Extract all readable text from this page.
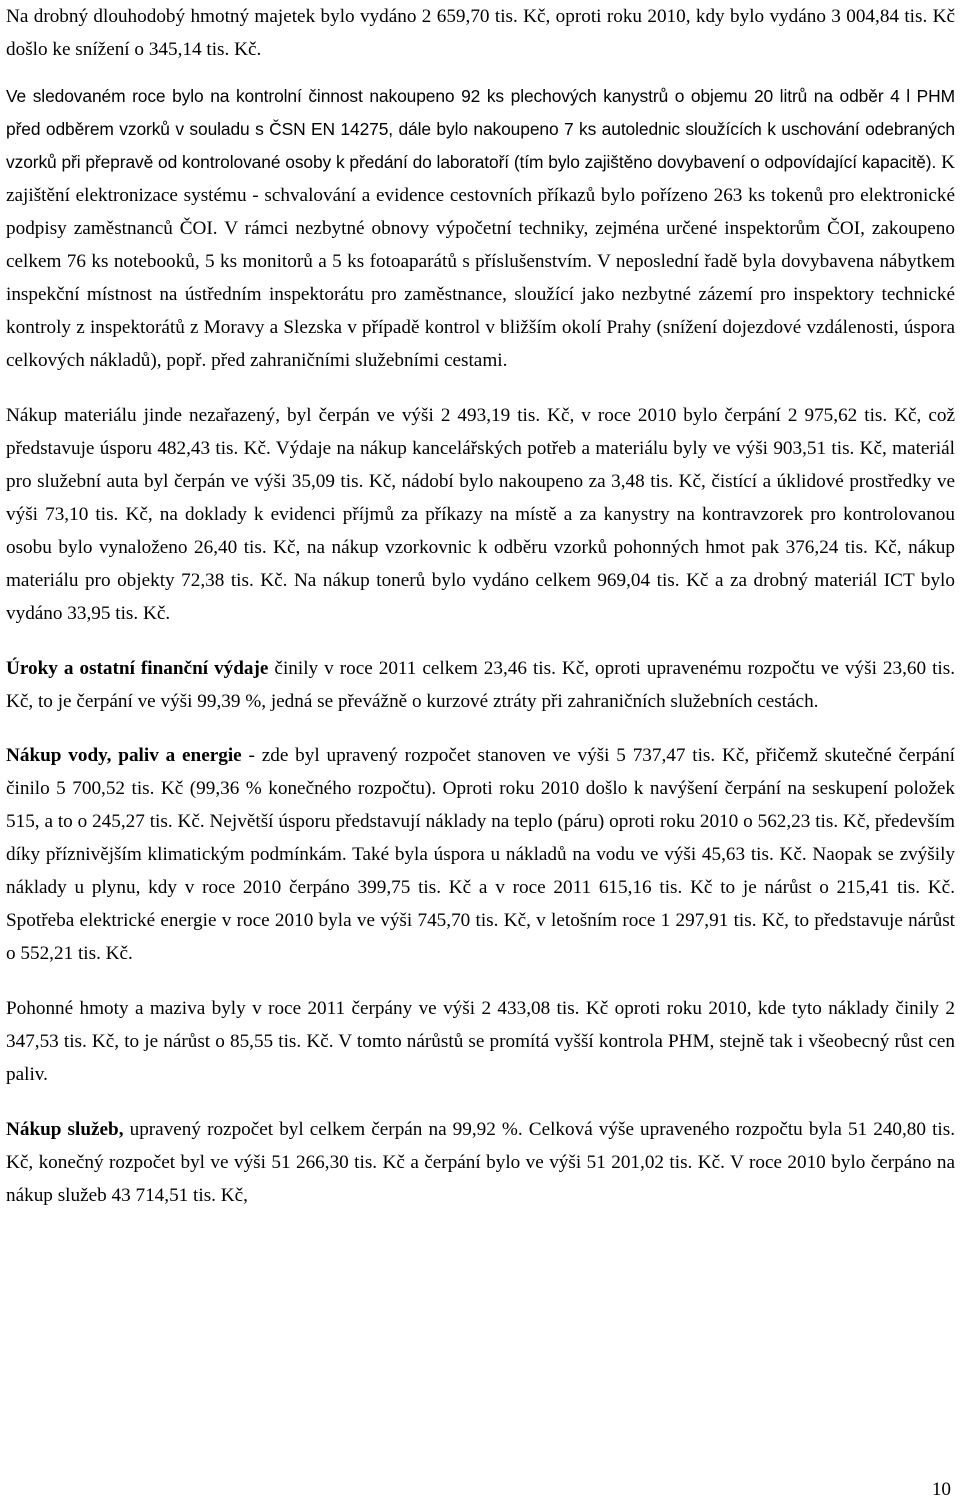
Na drobný dlouhodobý hmotný majetek bylo vydáno 2 659,70 tis. Kč, oproti roku 2010, kdy bylo vydáno 3 004,84 tis. Kč došlo ke snížení o 345,14 tis. Kč.

Ve sledovaném roce bylo na kontrolní činnost nakoupeno 92 ks plechových kanystrů o objemu 20 litrů na odběr 4 l PHM před odběrem vzorků v souladu s ČSN EN 14275, dále bylo nakoupeno 7 ks autolednic sloužících k uschování odebraných vzorků při přepravě od kontrolované osoby k předání do laboratoří (tím bylo zajištěno dovybavení o odpovídající kapacitě). K zajištění elektronizace systému - schvalování a evidence cestovních příkazů bylo pořízeno 263 ks tokenů pro elektronické podpisy zaměstnanců ČOI. V rámci nezbytné obnovy výpočetní techniky, zejména určené inspektorům ČOI, zakoupeno celkem 76 ks notebooků, 5 ks monitorů a 5 ks fotoaparátů s příslušenstvím. V neposlední řadě byla dovybavena nábytkem inspekční místnost na ústředním inspektorátu pro zaměstnance, sloužící jako nezbytné zázemí pro inspektory technické kontroly z inspektorátů z Moravy a Slezska v případě kontrol v bližším okolí Prahy (snížení dojezdové vzdálenosti, úspora celkových nákladů), popř. před zahraničními služebními cestami.

Nákup materiálu jinde nezařazený, byl čerpán ve výši 2 493,19 tis. Kč, v roce 2010 bylo čerpání 2 975,62 tis. Kč, což představuje úsporu 482,43 tis. Kč. Výdaje na nákup kancelářských potřeb a materiálu byly ve výši 903,51 tis. Kč, materiál pro služební auta byl čerpán ve výši 35,09 tis. Kč, nádobí bylo nakoupeno za 3,48 tis. Kč, čistící a úklidové prostředky ve výši 73,10 tis. Kč, na doklady k evidenci příjmů za příkazy na místě a za kanystry na kontravzorek pro kontrolovanou osobu bylo vynaloženo 26,40 tis. Kč, na nákup vzorkovnic k odběru vzorků pohonných hmot pak 376,24 tis. Kč, nákup materiálu pro objekty 72,38 tis. Kč. Na nákup tonerů bylo vydáno celkem 969,04 tis. Kč a za drobný materiál ICT bylo vydáno 33,95 tis. Kč.

Úroky a ostatní finanční výdaje činily v roce 2011 celkem 23,46 tis. Kč, oproti upravenému rozpočtu ve výši 23,60 tis. Kč, to je čerpání ve výši 99,39 %, jedná se převážně o kurzové ztráty při zahraničních služebních cestách.

Nákup vody, paliv a energie - zde byl upravený rozpočet stanoven ve výši 5 737,47 tis. Kč, přičemž skutečné čerpání činilo 5 700,52 tis. Kč (99,36 % konečného rozpočtu). Oproti roku 2010 došlo k navýšení čerpání na seskupení položek 515, a to o 245,27 tis. Kč. Největší úsporu představují náklady na teplo (páru) oproti roku 2010 o 562,23 tis. Kč, především díky příznivějším klimatickým podmínkám. Také byla úspora u nákladů na vodu ve výši 45,63 tis. Kč. Naopak se zvýšily náklady u plynu, kdy v roce 2010 čerpáno 399,75 tis. Kč a v roce 2011 615,16 tis. Kč to je nárůst o 215,41 tis. Kč. Spotřeba elektrické energie v roce 2010 byla ve výši 745,70 tis. Kč, v letošním roce 1 297,91 tis. Kč, to představuje nárůst o 552,21 tis. Kč.

Pohonné hmoty a maziva byly v roce 2011 čerpány ve výši 2 433,08 tis. Kč oproti roku 2010, kde tyto náklady činily 2 347,53 tis. Kč, to je nárůst o 85,55 tis. Kč. V tomto nárůstů se promítá vyšší kontrola PHM, stejně tak i všeobecný růst cen paliv.

Nákup služeb, upravený rozpočet byl celkem čerpán na 99,92 %. Celková výše upraveného rozpočtu byla 51 240,80 tis. Kč, konečný rozpočet byl ve výši 51 266,30 tis. Kč a čerpání bylo ve výši 51 201,02 tis. Kč. V roce 2010 bylo čerpáno na nákup služeb 43 714,51 tis. Kč,

10
